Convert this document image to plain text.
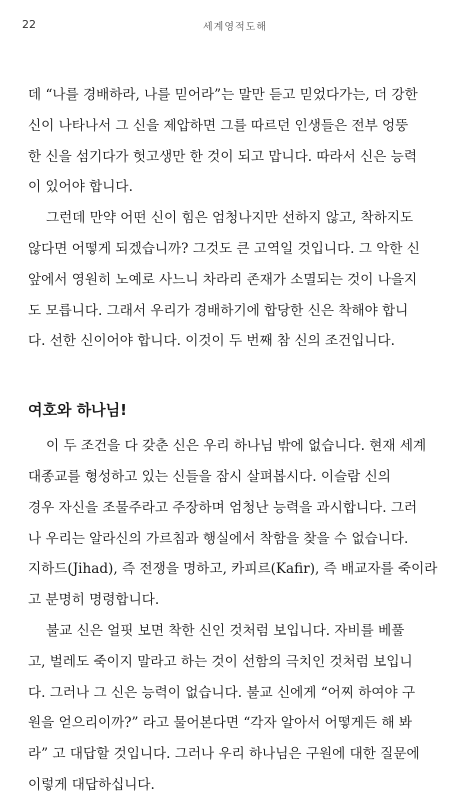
22	세계영적도해
데 “나를 경배하라, 나를 믿어라”는 말만 듣고 믿었다가는, 더 강한
신이 나타나서 그 신을 제압하면 그를 따르던 인생들은 전부 엉뚱
한 신을 섬기다가 헛고생만 한 것이 되고 맙니다. 따라서 신은 능력
이 있어야 합니다.
그런데 만약 어떤 신이 힘은 엄청나지만 선하지 않고, 착하지도
않다면 어떻게 되겠습니까? 그것도 큰 고역일 것입니다. 그 악한 신
앞에서 영원히 노예로 사느니 차라리 존재가 소멸되는 것이 나을지
도 모릅니다. 그래서 우리가 경배하기에 합당한 신은 착해야 합니
다. 선한 신이어야 합니다. 이것이 두 번째 참 신의 조건입니다.
여호와 하나님!
이 두 조건을 다 갖춘 신은 우리 하나님 밖에 없습니다. 현재 세계
대종교를 형성하고 있는 신들을 잠시 살펴봅시다. 이슬람 신의
경우 자신을 조물주라고 주장하며 엄청난 능력을 과시합니다. 그러
나 우리는 알라신의 가르침과 행실에서 착함을 찾을 수 없습니다.
지하드(Jihad), 즉 전쟁을 명하고, 카피르(Kafir), 즉 배교자를 죽이라
고 분명히 명령합니다.
불교 신은 얼핏 보면 착한 신인 것처럼 보입니다. 자비를 베풀
고, 벌레도 죽이지 말라고 하는 것이 선함의 극치인 것처럼 보입니
다. 그러나 그 신은 능력이 없습니다. 불교 신에게 “어찌 하여야 구
원을 얻으리이까?” 라고 물어본다면 “각자 알아서 어떻게든 해 봐
라” 고 대답할 것입니다. 그러나 우리 하나님은 구원에 대한 질문에
이렇게 대답하십니다.
